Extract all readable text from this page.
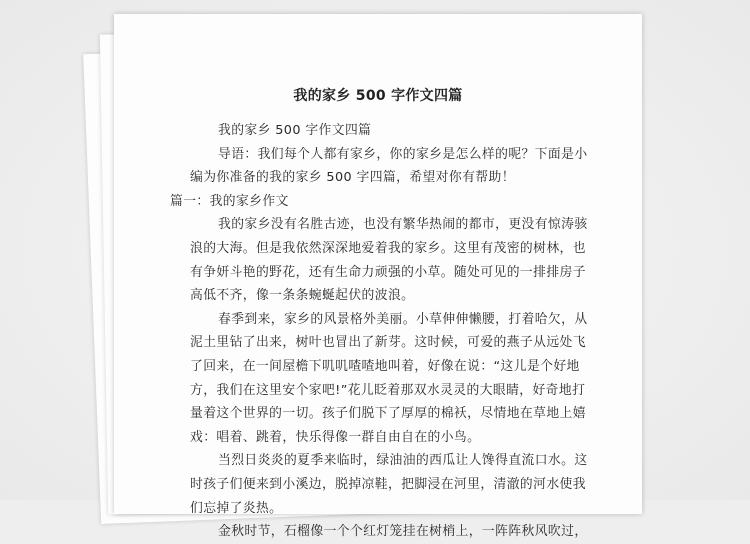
我的家乡 500 字作文四篇

我的家乡 500 字作文四篇

导语：我们每个人都有家乡，你的家乡是怎么样的呢？下面是小

编为你准备的我的家乡 500 字四篇，希望对你有帮助！

篇一：我的家乡作文

我的家乡没有名胜古迹，也没有繁华热闹的都市，更没有惊涛骇

浪的大海。但是我依然深深地爱着我的家乡。这里有茂密的树林，也

有争妍斗艳的野花，还有生命力顽强的小草。随处可见的一排排房子

高低不齐，像一条条蜿蜒起伏的波浪。

春季到来，家乡的风景格外美丽。小草伸伸懒腰，打着哈欠，从

泥土里钻了出来，树叶也冒出了新芽。这时候，可爱的燕子从远处飞

了回来，在一间屋檐下叽叽喳喳地叫着，好像在说：“这儿是个好地

方，我们在这里安个家吧!”花儿眨着那双水灵灵的大眼睛，好奇地打

量着这个世界的一切。孩子们脱下了厚厚的棉袄，尽情地在草地上嬉

戏：唱着、跳着，快乐得像一群自由自在的小鸟。

当烈日炎炎的夏季来临时，绿油油的西瓜让人馋得直流口水。这

时孩子们便来到小溪边，脱掉凉鞋，把脚浸在河里，清澈的河水使我

们忘掉了炎热。

金秋时节，石榴像一个个红灯笼挂在树梢上，一阵阵秋风吹过，
